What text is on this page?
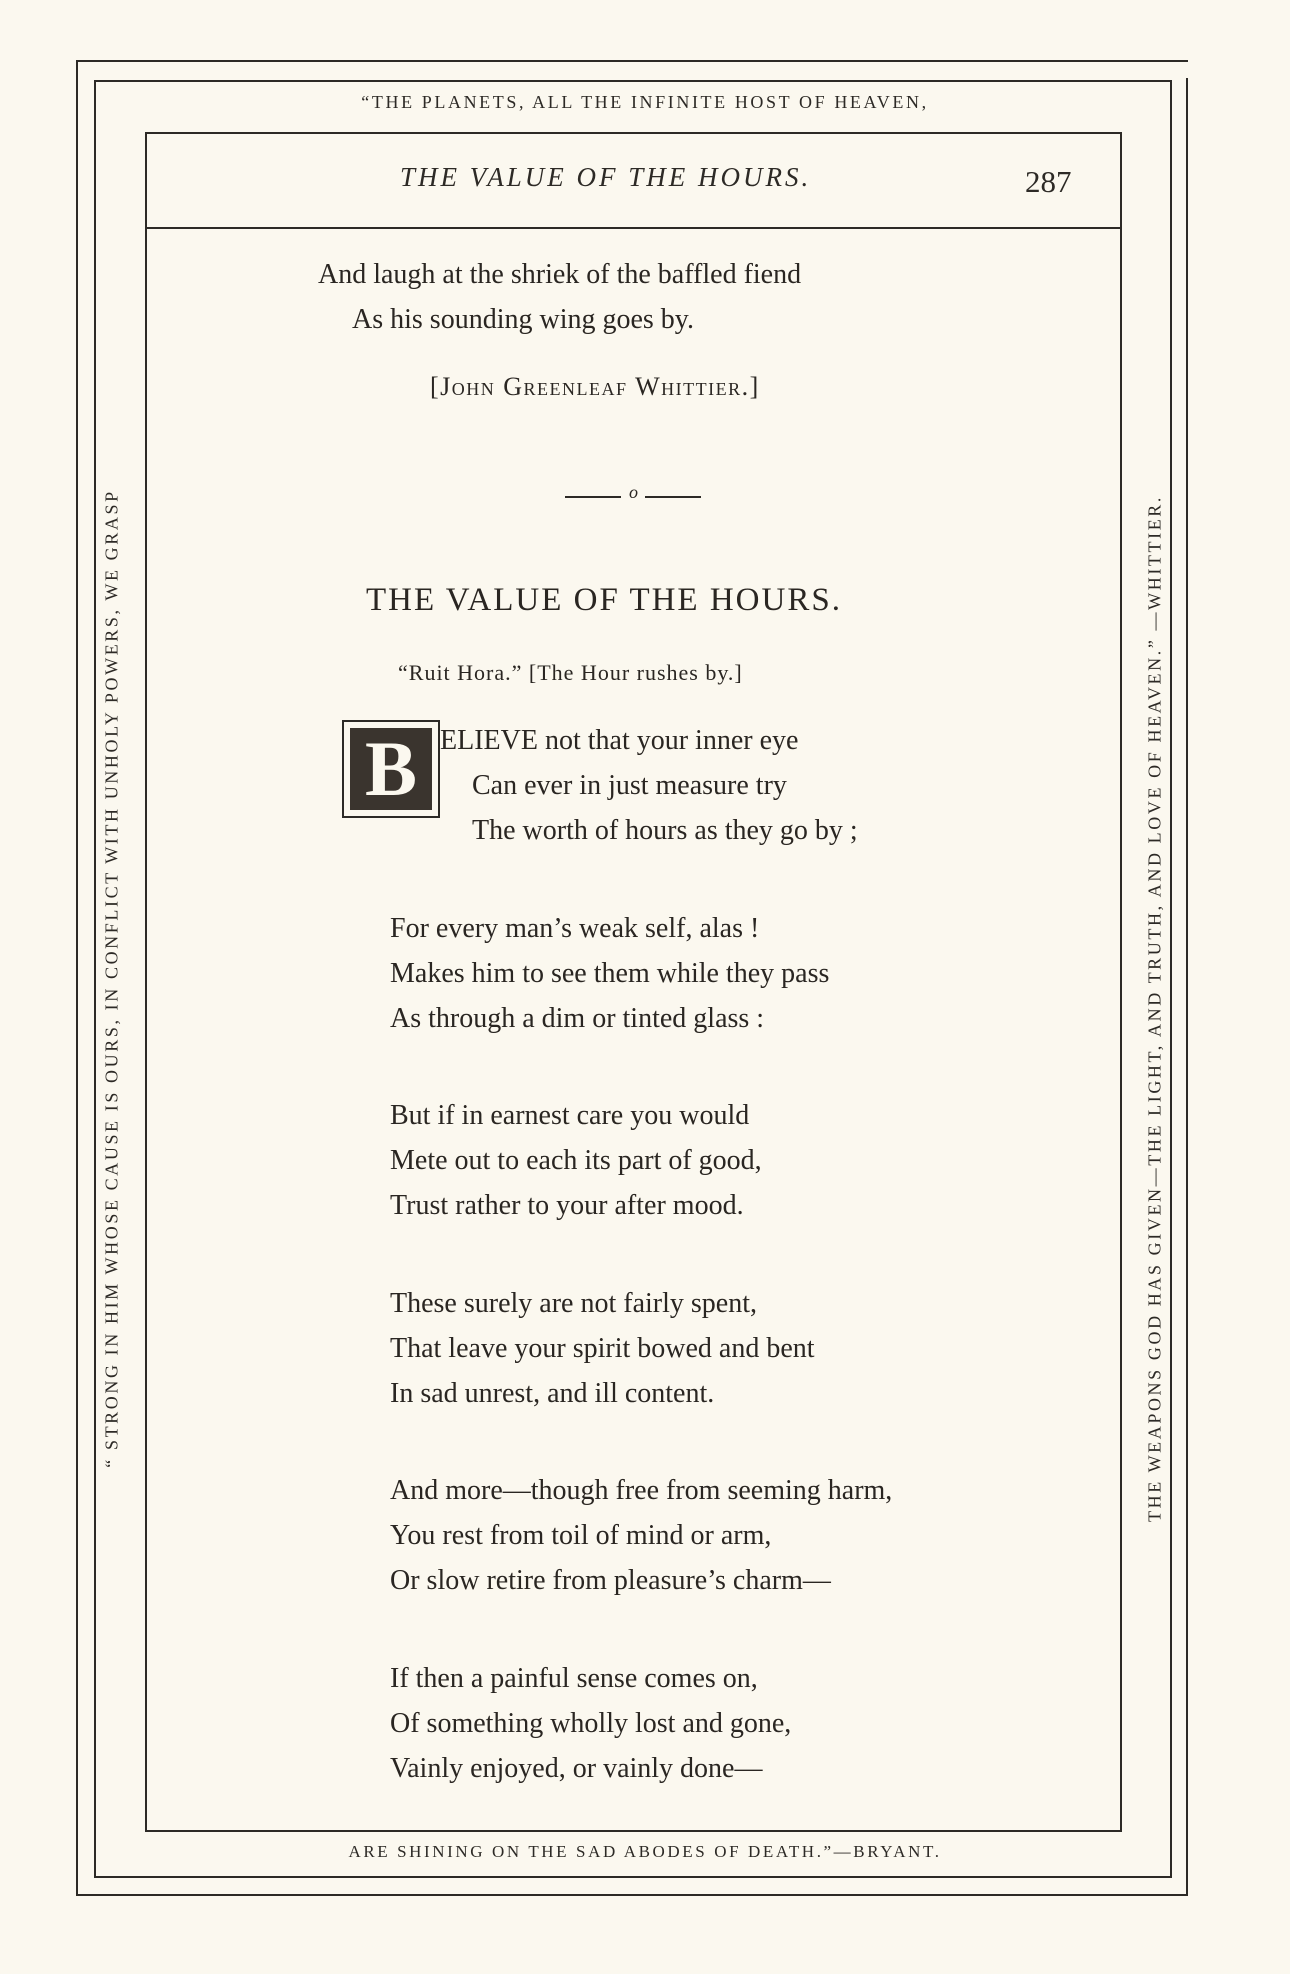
“THE PLANETS, ALL THE INFINITE HOST OF HEAVEN,
ARE SHINING ON THE SAD ABODES OF DEATH.”—BRYANT.
“ STRONG IN HIM WHOSE CAUSE IS OURS, IN CONFLICT WITH UNHOLY POWERS, WE GRASP	THE WEAPONS GOD HAS GIVEN—THE LIGHT, AND TRUTH, AND LOVE OF HEAVEN.” —WHITTIER.
THE VALUE OF THE HOURS.	287
And laugh at the shriek of the baffled fiend
As his sounding wing goes by.
[John Greenleaf Whittier.]
o
THE VALUE OF THE HOURS.
“Ruit Hora.” [The Hour rushes by.]
B ELIEVE not that your inner eye
Can ever in just measure try
The worth of hours as they go by ;
For every man’s weak self, alas !
Makes him to see them while they pass
As through a dim or tinted glass :
But if in earnest care you would
Mete out to each its part of good,
Trust rather to your after mood.
These surely are not fairly spent,
That leave your spirit bowed and bent
In sad unrest, and ill content.
And more—though free from seeming harm,
You rest from toil of mind or arm,
Or slow retire from pleasure’s charm—
If then a painful sense comes on,
Of something wholly lost and gone,
Vainly enjoyed, or vainly done—
